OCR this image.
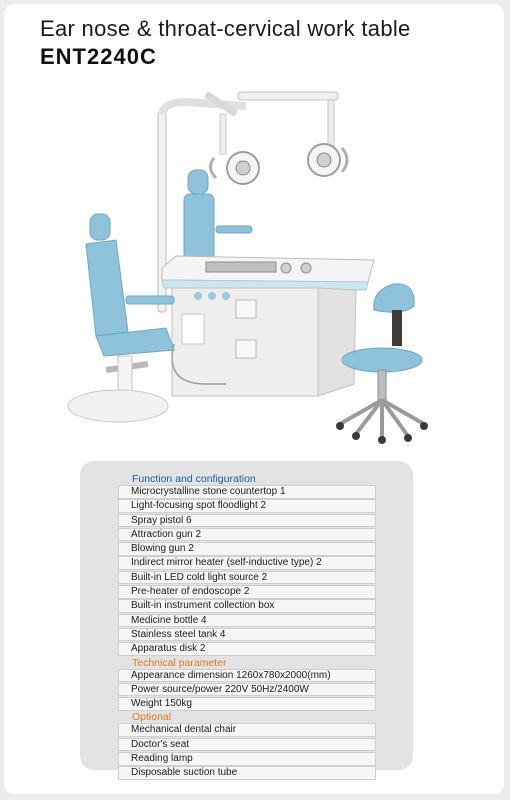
Ear nose & throat-cervical work table
ENT2240C
Function and configuration
Microcrystalline stone countertop 1
Light-focusing spot floodlight 2
Spray pistol 6
Attraction gun 2
Blowing gun 2
Indirect mirror heater (self-inductive type) 2
Built-in LED cold light source 2
Pre-heater of endoscope 2
Built-in instrument collection box
Medicine bottle 4
Stainless steel tank 4
Apparatus disk 2
Technical parameter
Appearance dimension 1260x780x2000(mm)
Power source/power 220V 50Hz/2400W
Weight 150kg
Optional
Mechanical dental chair
Doctor's seat
Reading lamp
Disposable suction tube
